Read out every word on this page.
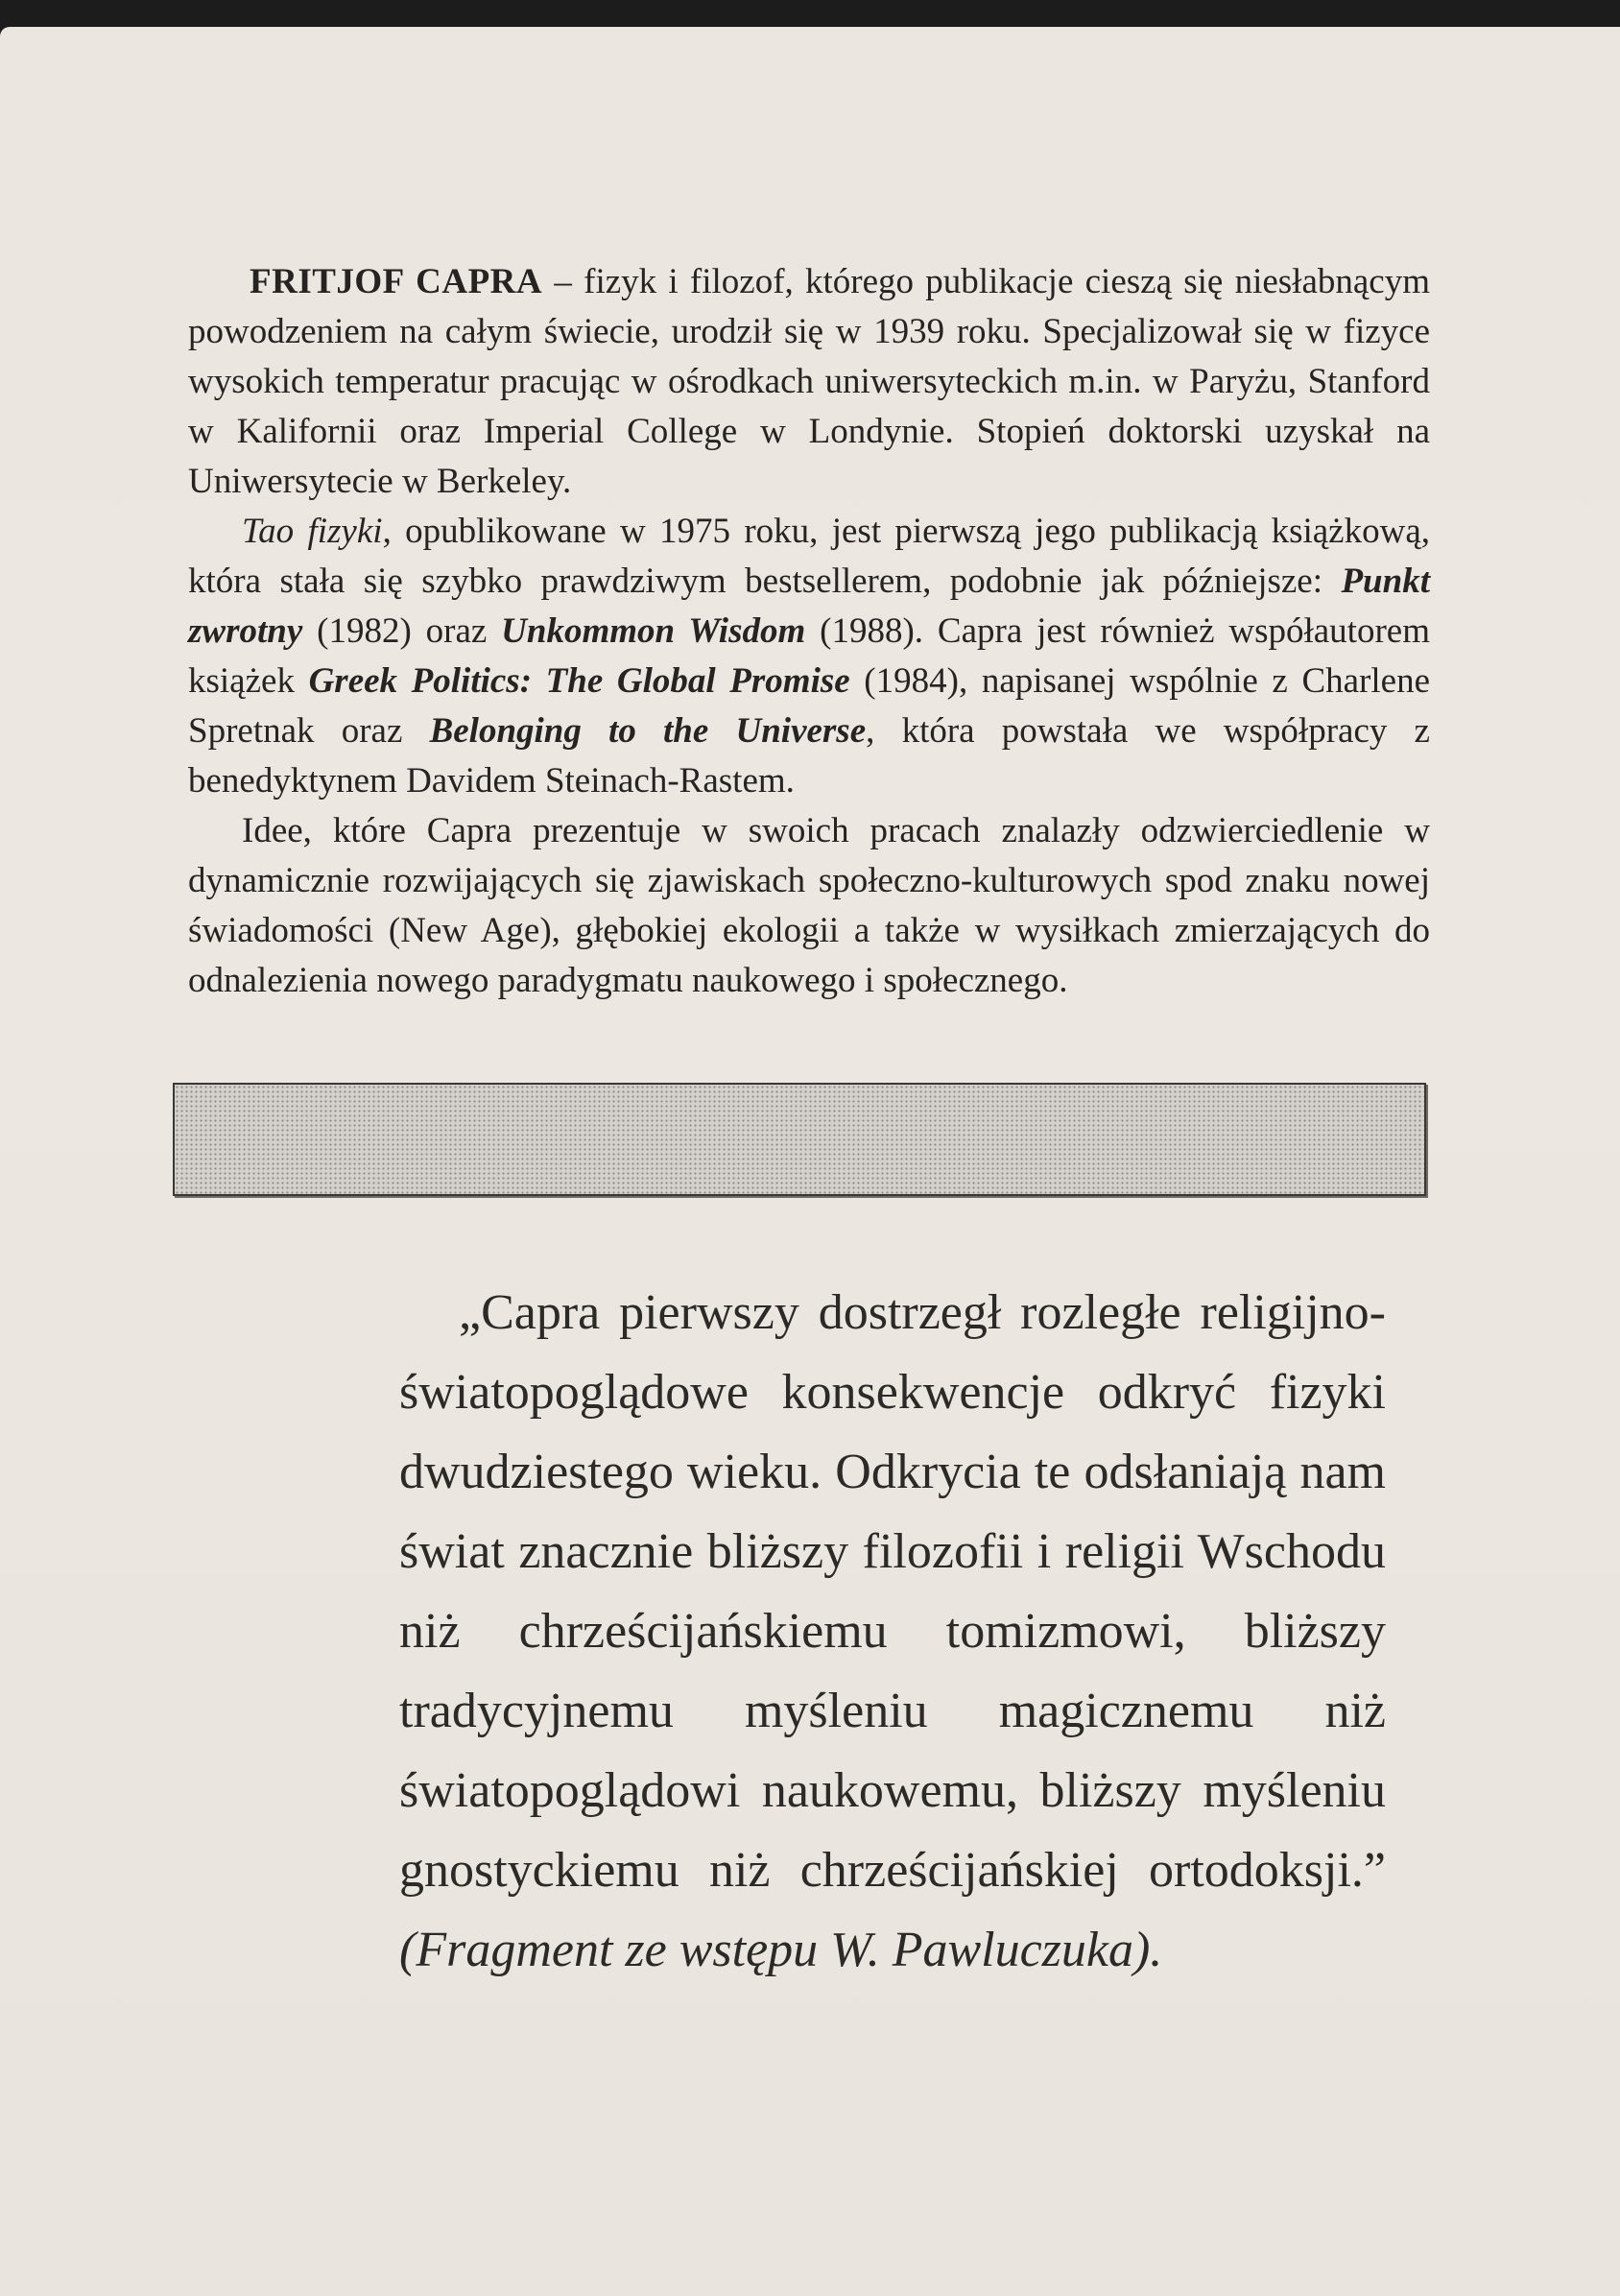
FRITJOF CAPRA – fizyk i filozof, którego publikacje cieszą się niesłabnącym powodzeniem na całym świecie, urodził się w 1939 roku. Specjalizował się w fizyce wysokich temperatur pracując w ośrodkach uniwersyteckich m.in. w Paryżu, Stanford w Kalifornii oraz Imperial College w Londynie. Stopień doktorski uzyskał na Uniwersytecie w Berkeley.

Tao fizyki, opublikowane w 1975 roku, jest pierwszą jego publikacją książkową, która stała się szybko prawdziwym bestsellerem, podobnie jak późniejsze: Punkt zwrotny (1982) oraz Unkommon Wisdom (1988). Capra jest również współautorem książek Greek Politics: The Global Promise (1984), napisanej wspólnie z Charlene Spretnak oraz Belonging to the Universe, która powstała we współpracy z benedyktynem Davidem Steinach-Rastem.

Idee, które Capra prezentuje w swoich pracach znalazły odzwierciedlenie w dynamicznie rozwijających się zjawiskach społeczno-kulturowych spod znaku nowej świadomości (New Age), głębokiej ekologii a także w wysiłkach zmierzających do odnalezienia nowego paradygmatu naukowego i społecznego.

„Capra pierwszy dostrzegł rozległe religijno-światopoglądowe konsekwencje odkryć fizyki dwudziestego wieku. Odkrycia te odsłaniają nam świat znacznie bliższy filozofii i religii Wschodu niż chrześcijańskiemu tomizmowi, bliższy tradycyjnemu myśleniu magicznemu niż światopoglądowi naukowemu, bliższy myśleniu gnostyckiemu niż chrześcijańskiej ortodoksji.” (Fragment ze wstępu W. Pawluczuka).
